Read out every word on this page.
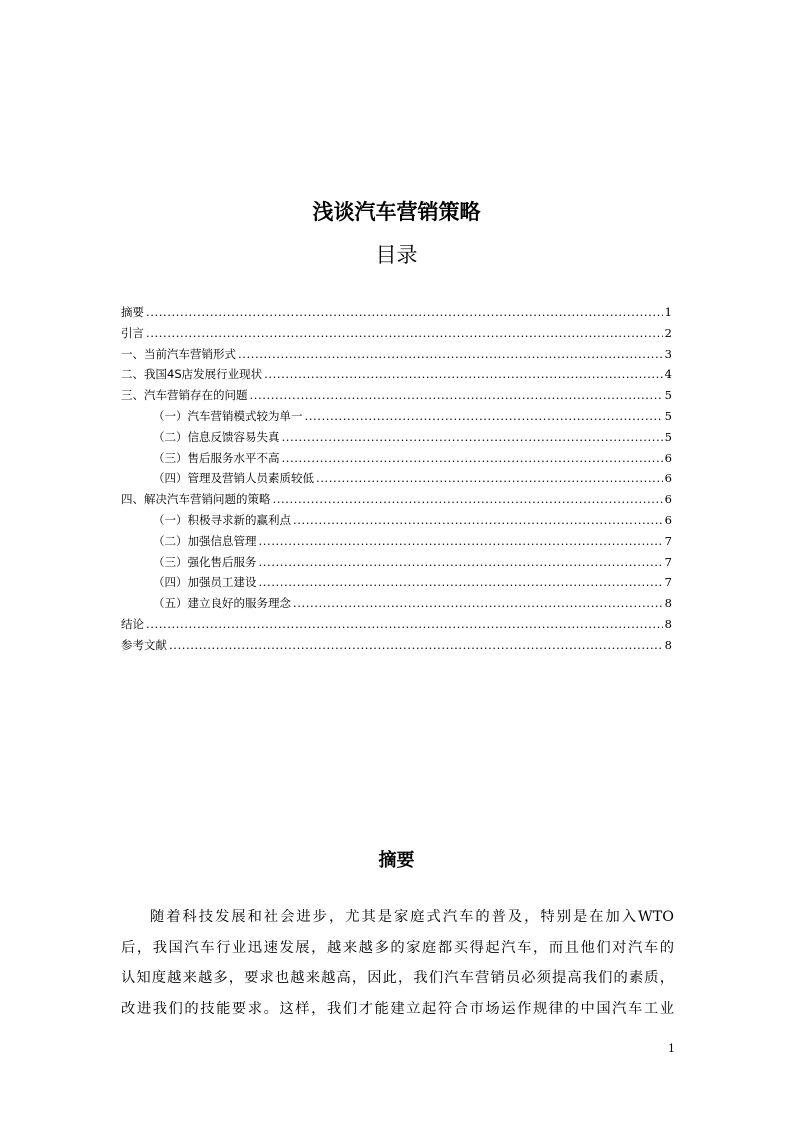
浅谈汽车营销策略
目录
摘要 .....	1
引言 .....	2
一、当前汽车营销形式 .....	3
二、我国4S店发展行业现状 .....	4
三、汽车营销存在的问题 .....	5
（一）汽车营销模式较为单一 .....	5
（二）信息反馈容易失真 .....	5
（三）售后服务水平不高 .....	6
（四）管理及营销人员素质较低 .....	6
四、解决汽车营销问题的策略 .....	6
（一）积极寻求新的赢利点 .....	6
（二）加强信息管理 .....	7
（三）强化售后服务 .....	7
（四）加强员工建设 .....	7
（五）建立良好的服务理念 .....	8
结论 .....	8
参考文献 .....	8
摘要
随着科技发展和社会进步，尤其是家庭式汽车的普及，特别是在加入WTO
后，我国汽车行业迅速发展，越来越多的家庭都买得起汽车，而且他们对汽车的
认知度越来越多，要求也越来越高，因此，我们汽车营销员必须提高我们的素质，
改进我们的技能要求。这样，我们才能建立起符合市场运作规律的中国汽车工业
1
